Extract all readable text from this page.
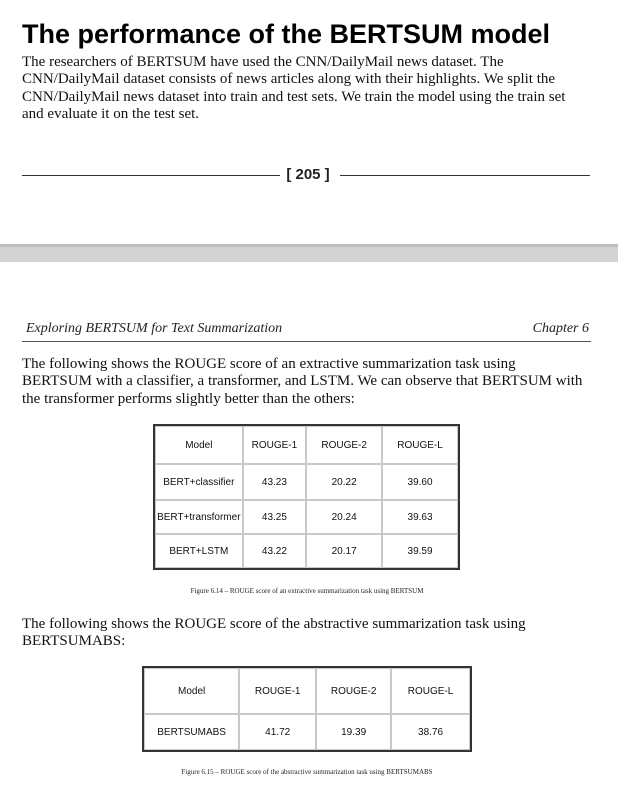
The performance of the BERTSUM model
The researchers of BERTSUM have used the CNN/DailyMail news dataset. The
CNN/DailyMail dataset consists of news articles along with their highlights. We split the
CNN/DailyMail news dataset into train and test sets. We train the model using the train set
and evaluate it on the test set.
[ 205 ]
Exploring BERTSUM for Text Summarization	Chapter 6
The following shows the ROUGE score of an extractive summarization task using
BERTSUM with a classifier, a transformer, and LSTM. We can observe that BERTSUM with
the transformer performs slightly better than the others:
Model	ROUGE-1	ROUGE-2	ROUGE-L
BERT+classifier	43.23	20.22	39.60
BERT+transformer	43.25	20.24	39.63
BERT+LSTM	43.22	20.17	39.59
Figure 6.14 – ROUGE score of an extractive summarization task using BERTSUM
The following shows the ROUGE score of the abstractive summarization task using
BERTSUMABS:
Model	ROUGE-1	ROUGE-2	ROUGE-L
BERTSUMABS	41.72	19.39	38.76
Figure 6.15 – ROUGE score of the abstractive summarization task using BERTSUMABS
